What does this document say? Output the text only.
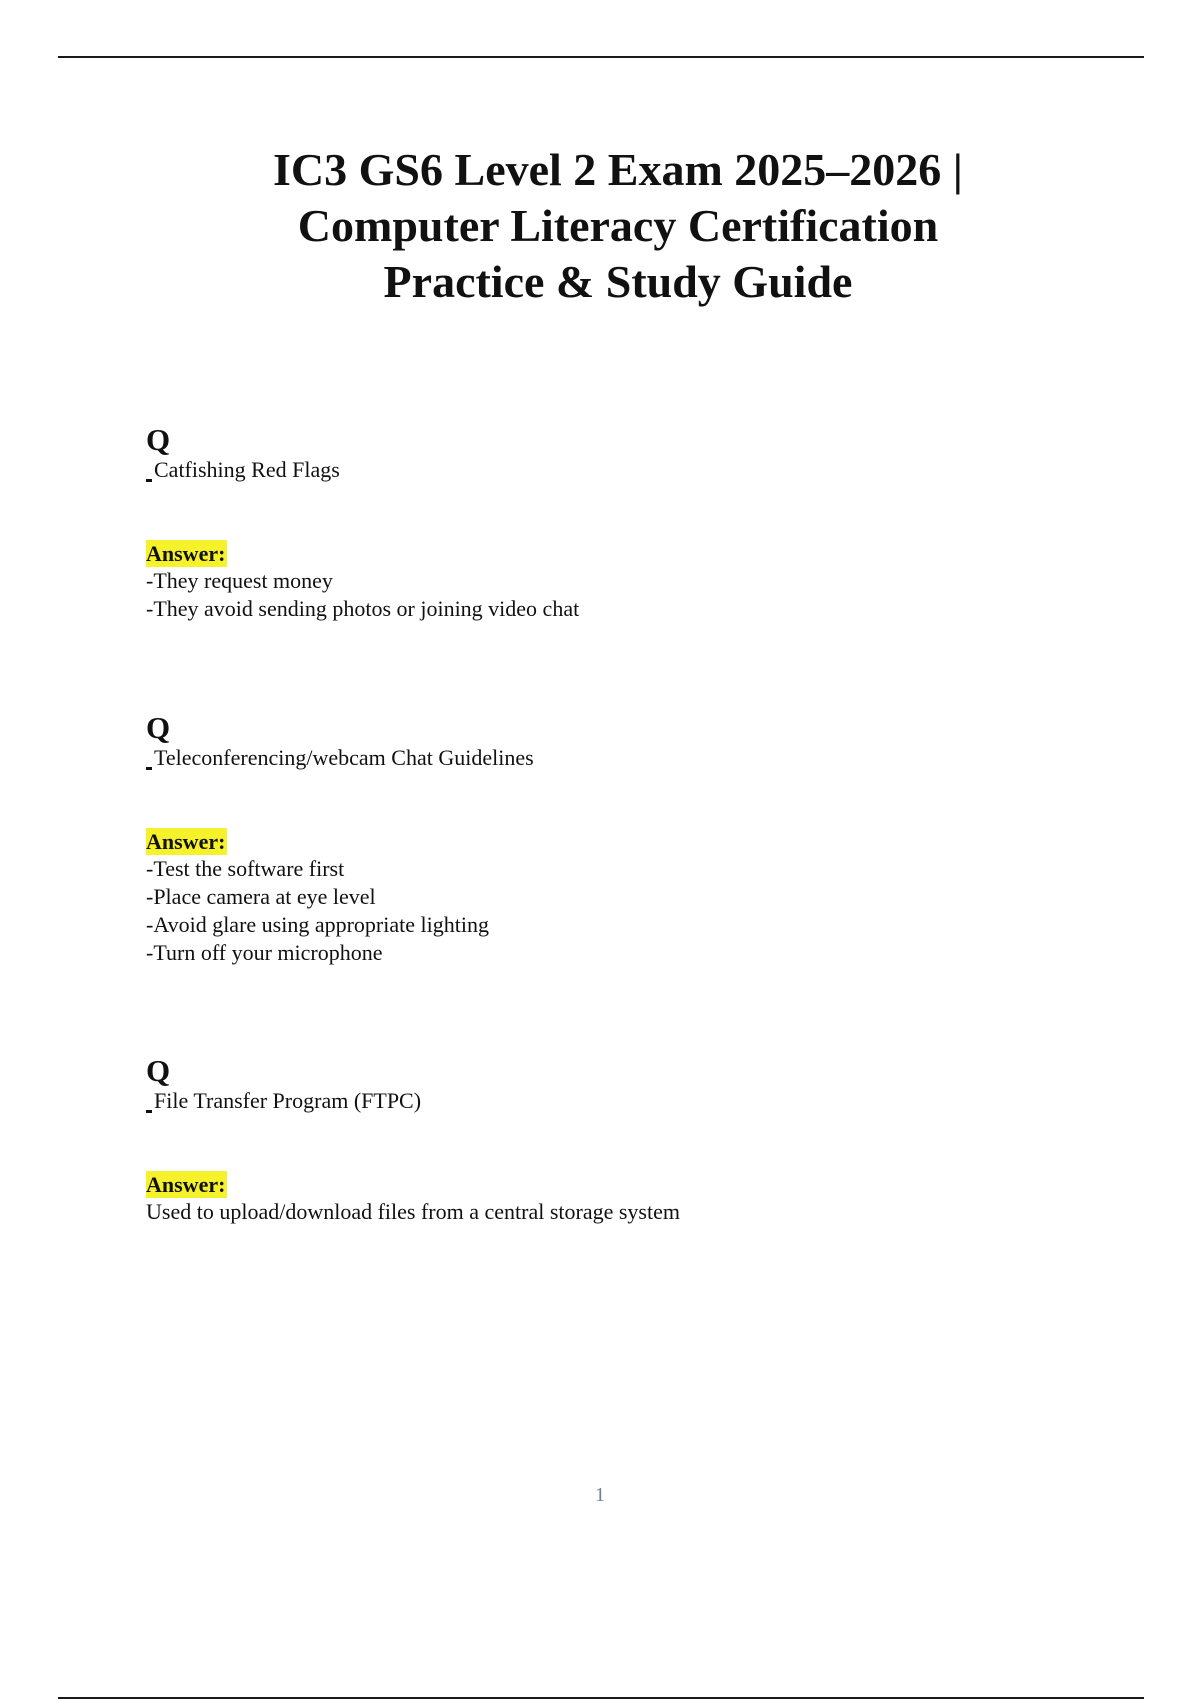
IC3 GS6 Level 2 Exam 2025–2026 |
Computer Literacy Certification
Practice & Study Guide

Q

Catfishing Red Flags

Answer:
-They request money
-They avoid sending photos or joining video chat

Q

Teleconferencing/webcam Chat Guidelines

Answer:
-Test the software first
-Place camera at eye level
-Avoid glare using appropriate lighting
-Turn off your microphone

Q

File Transfer Program (FTPC)

Answer:
Used to upload/download files from a central storage system
1
